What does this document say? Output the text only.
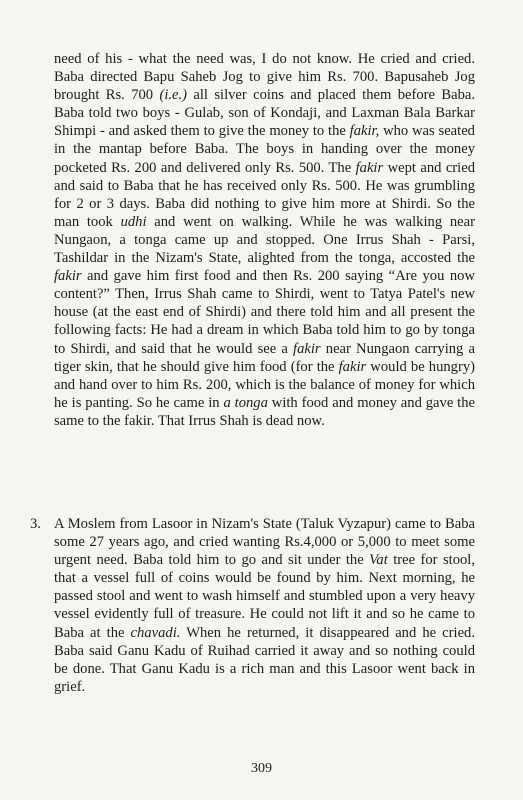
need of his - what the need was, I do not know. He cried and cried. Baba directed Bapu Saheb Jog to give him Rs. 700. Bapusaheb Jog brought Rs. 700 (i.e.) all silver coins and placed them before Baba. Baba told two boys - Gulab, son of Kondaji, and Laxman Bala Barkar Shimpi - and asked them to give the money to the fakir, who was seated in the mantap before Baba. The boys in handing over the money pocketed Rs. 200 and delivered only Rs. 500. The fakir wept and cried and said to Baba that he has received only Rs. 500. He was grumbling for 2 or 3 days. Baba did nothing to give him more at Shirdi. So the man took udhi and went on walking. While he was walking near Nungaon, a tonga came up and stopped. One Irrus Shah - Parsi, Tashildar in the Nizam's State, alighted from the tonga, accosted the fakir and gave him first food and then Rs. 200 saying “Are you now content?” Then, Irrus Shah came to Shirdi, went to Tatya Patel's new house (at the east end of Shirdi) and there told him and all present the following facts: He had a dream in which Baba told him to go by tonga to Shirdi, and said that he would see a fakir near Nungaon carrying a tiger skin, that he should give him food (for the fakir would be hungry) and hand over to him Rs. 200, which is the balance of money for which he is panting. So he came in a tonga with food and money and gave the same to the fakir. That Irrus Shah is dead now.

3. A Moslem from Lasoor in Nizam's State (Taluk Vyzapur) came to Baba some 27 years ago, and cried wanting Rs.4,000 or 5,000 to meet some urgent need. Baba told him to go and sit under the Vat tree for stool, that a vessel full of coins would be found by him. Next morning, he passed stool and went to wash himself and stumbled upon a very heavy vessel evidently full of treasure. He could not lift it and so he came to Baba at the chavadi. When he returned, it disappeared and he cried. Baba said Ganu Kadu of Ruihad carried it away and so nothing could be done. That Ganu Kadu is a rich man and this Lasoor went back in grief.

309
